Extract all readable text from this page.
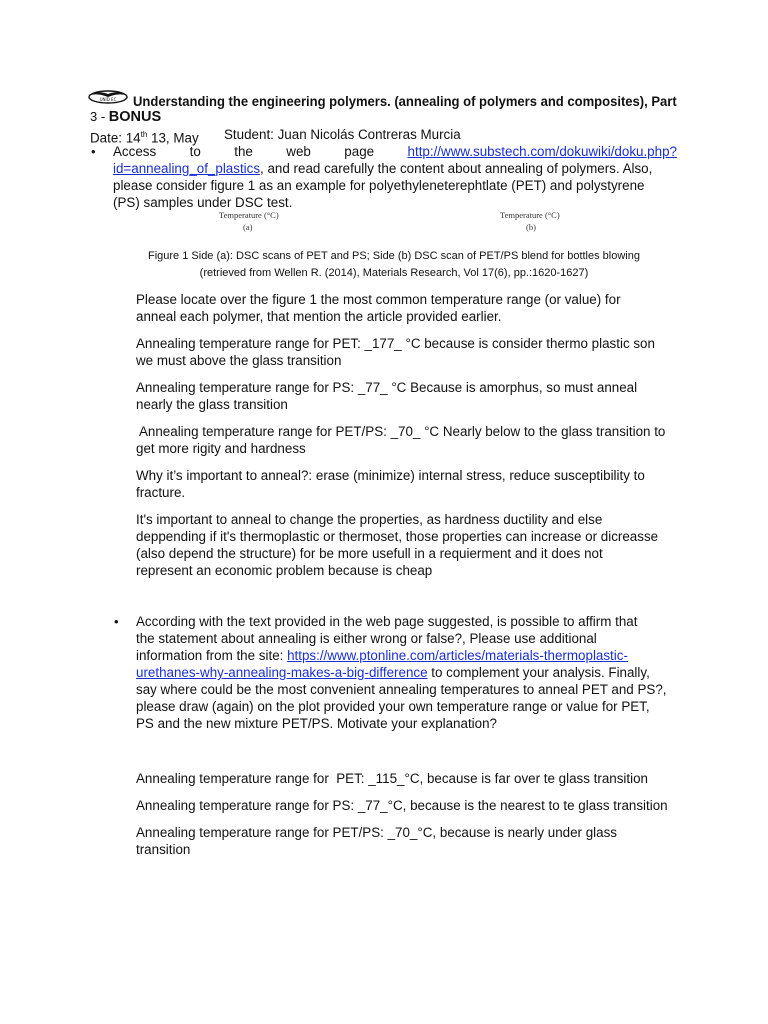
UNID EC Understanding the engineering polymers. (annealing of polymers and composites), Part
3 - BONUS
Date: 14th 13, May Student: Juan Nicolás Contreras Murcia
• Access to the web page http://www.substech.com/dokuwiki/doku.php?
id=annealing_of_plastics, and read carefully the content about annealing of polymers. Also,
please consider figure 1 as an example for polyethyleneterephtlate (PET) and polystyrene
(PS) samples under DSC test.
Temperature (°C)
(a)
Temperature (°C)
(b)
Figure 1 Side (a): DSC scans of PET and PS; Side (b) DSC scan of PET/PS blend for bottles blowing
(retrieved from Wellen R. (2014), Materials Research, Vol 17(6), pp.:1620-1627)
Please locate over the figure 1 the most common temperature range (or value) for
anneal each polymer, that mention the article provided earlier.
Annealing temperature range for PET: _177_ °C because is consider thermo plastic son
we must above the glass transition
Annealing temperature range for PS: _77_ °C Because is amorphus, so must anneal
nearly the glass transition
Annealing temperature range for PET/PS: _70_ °C Nearly below to the glass transition to
get more rigity and hardness
Why it’s important to anneal?: erase (minimize) internal stress, reduce susceptibility to
fracture.
It's important to anneal to change the properties, as hardness ductility and else
deppending if it's thermoplastic or thermoset, those properties can increase or dicreasse
(also depend the structure) for be more usefull in a requierment and it does not
represent an economic problem because is cheap
• According with the text provided in the web page suggested, is possible to affirm that
the statement about annealing is either wrong or false?, Please use additional
information from the site: https://www.ptonline.com/articles/materials-thermoplastic-
urethanes-why-annealing-makes-a-big-difference to complement your analysis. Finally,
say where could be the most convenient annealing temperatures to anneal PET and PS?,
please draw (again) on the plot provided your own temperature range or value for PET,
PS and the new mixture PET/PS. Motivate your explanation?
Annealing temperature range for  PET: _115_°C, because is far over te glass transition
Annealing temperature range for PS: _77_°C, because is the nearest to te glass transition
Annealing temperature range for PET/PS: _70_°C, because is nearly under glass
transition
